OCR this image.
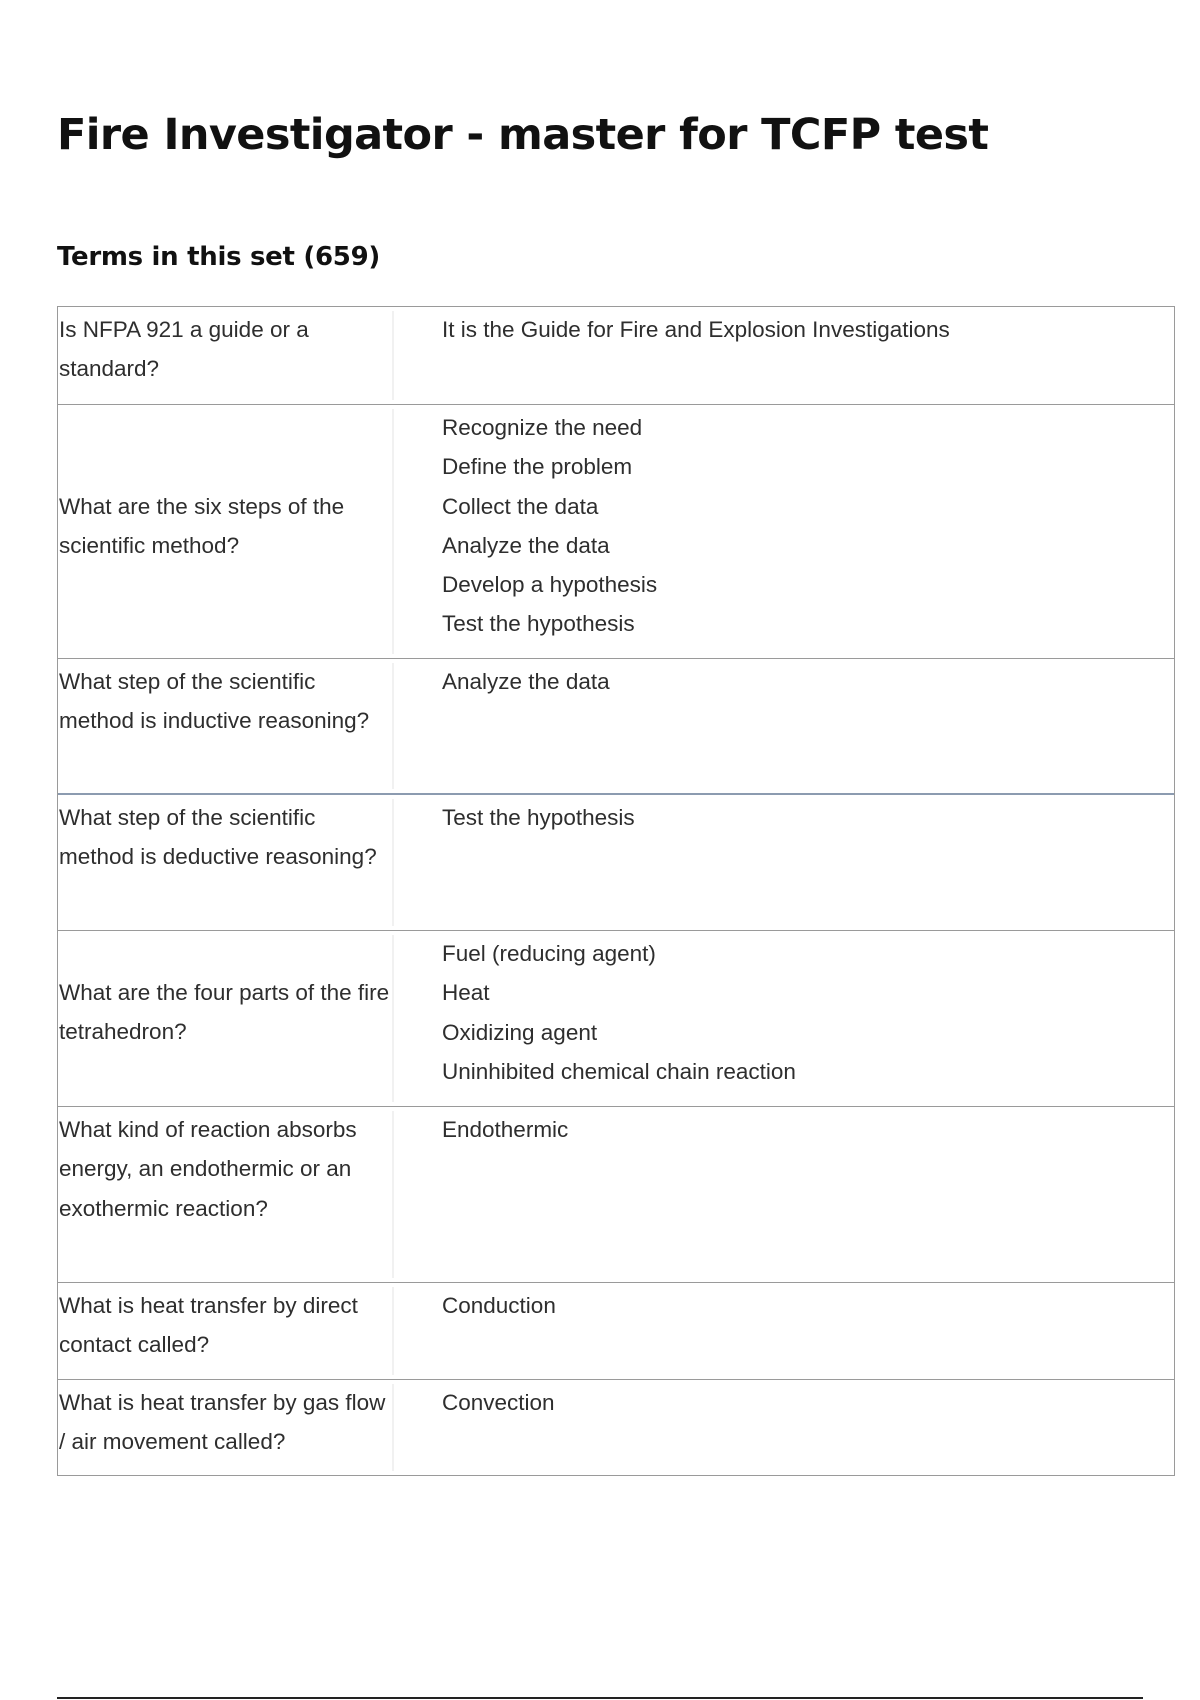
Fire Investigator - master for TCFP test
Terms in this set (659)
Is NFPA 921 a guide or a standard?
It is the Guide for Fire and Explosion Investigations
What are the six steps of the scientific method?
Recognize the need
Define the problem
Collect the data
Analyze the data
Develop a hypothesis
Test the hypothesis
What step of the scientific method is inductive reasoning?
Analyze the data
What step of the scientific method is deductive reasoning?
Test the hypothesis
What are the four parts of the fire tetrahedron?
Fuel (reducing agent)
Heat
Oxidizing agent
Uninhibited chemical chain reaction
What kind of reaction absorbs energy, an endothermic or an exothermic reaction?
Endothermic
What is heat transfer by direct contact called?
Conduction
What is heat transfer by gas flow / air movement called?
Convection
